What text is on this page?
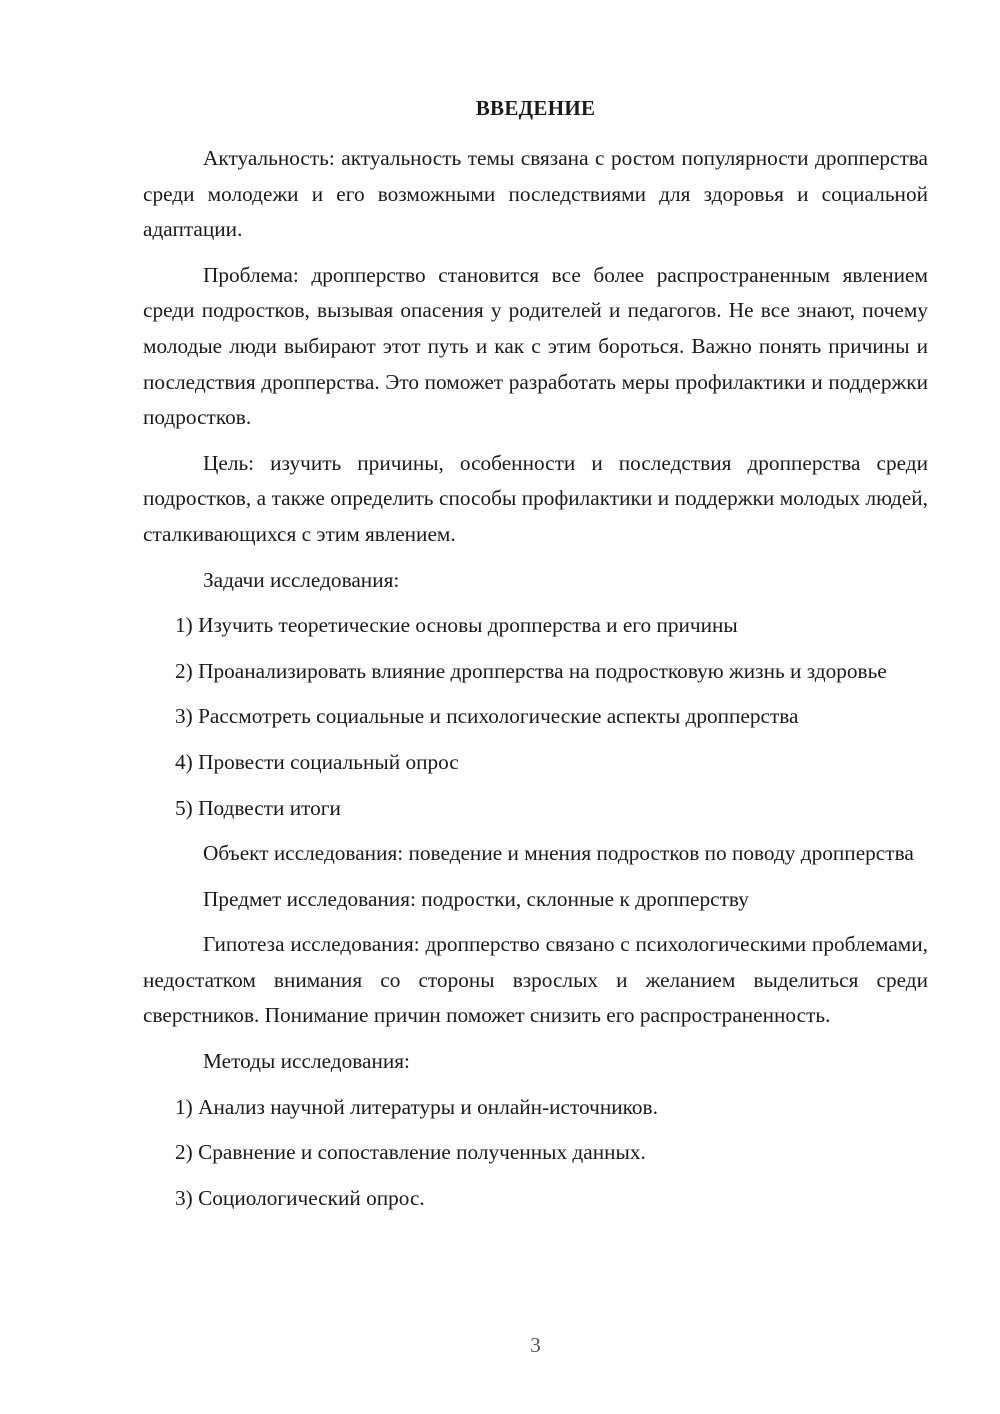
ВВЕДЕНИЕ

Актуальность: актуальность темы связана с ростом популярности дропперства среди молодежи и его возможными последствиями для здоровья и социальной адаптации.

Проблема: дропперство становится все более распространенным явлением среди подростков, вызывая опасения у родителей и педагогов. Не все знают, почему молодые люди выбирают этот путь и как с этим бороться. Важно понять причины и последствия дропперства. Это поможет разработать меры профилактики и поддержки подростков.

Цель: изучить причины, особенности и последствия дропперства среди подростков, а также определить способы профилактики и поддержки молодых людей, сталкивающихся с этим явлением.

Задачи исследования:

1) Изучить теоретические основы дропперства и его причины

2) Проанализировать влияние дропперства на подростковую жизнь и здоровье

3) Рассмотреть социальные и психологические аспекты дропперства

4) Провести социальный опрос

5) Подвести итоги

Объект исследования: поведение и мнения подростков по поводу дропперства

Предмет исследования: подростки, склонные к дропперству

Гипотеза исследования: дропперство связано с психологическими проблемами, недостатком внимания со стороны взрослых и желанием выделиться среди сверстников. Понимание причин поможет снизить его распространенность.

Методы исследования:

1) Анализ научной литературы и онлайн-источников.

2) Сравнение и сопоставление полученных данных.

3) Социологический опрос.

3
